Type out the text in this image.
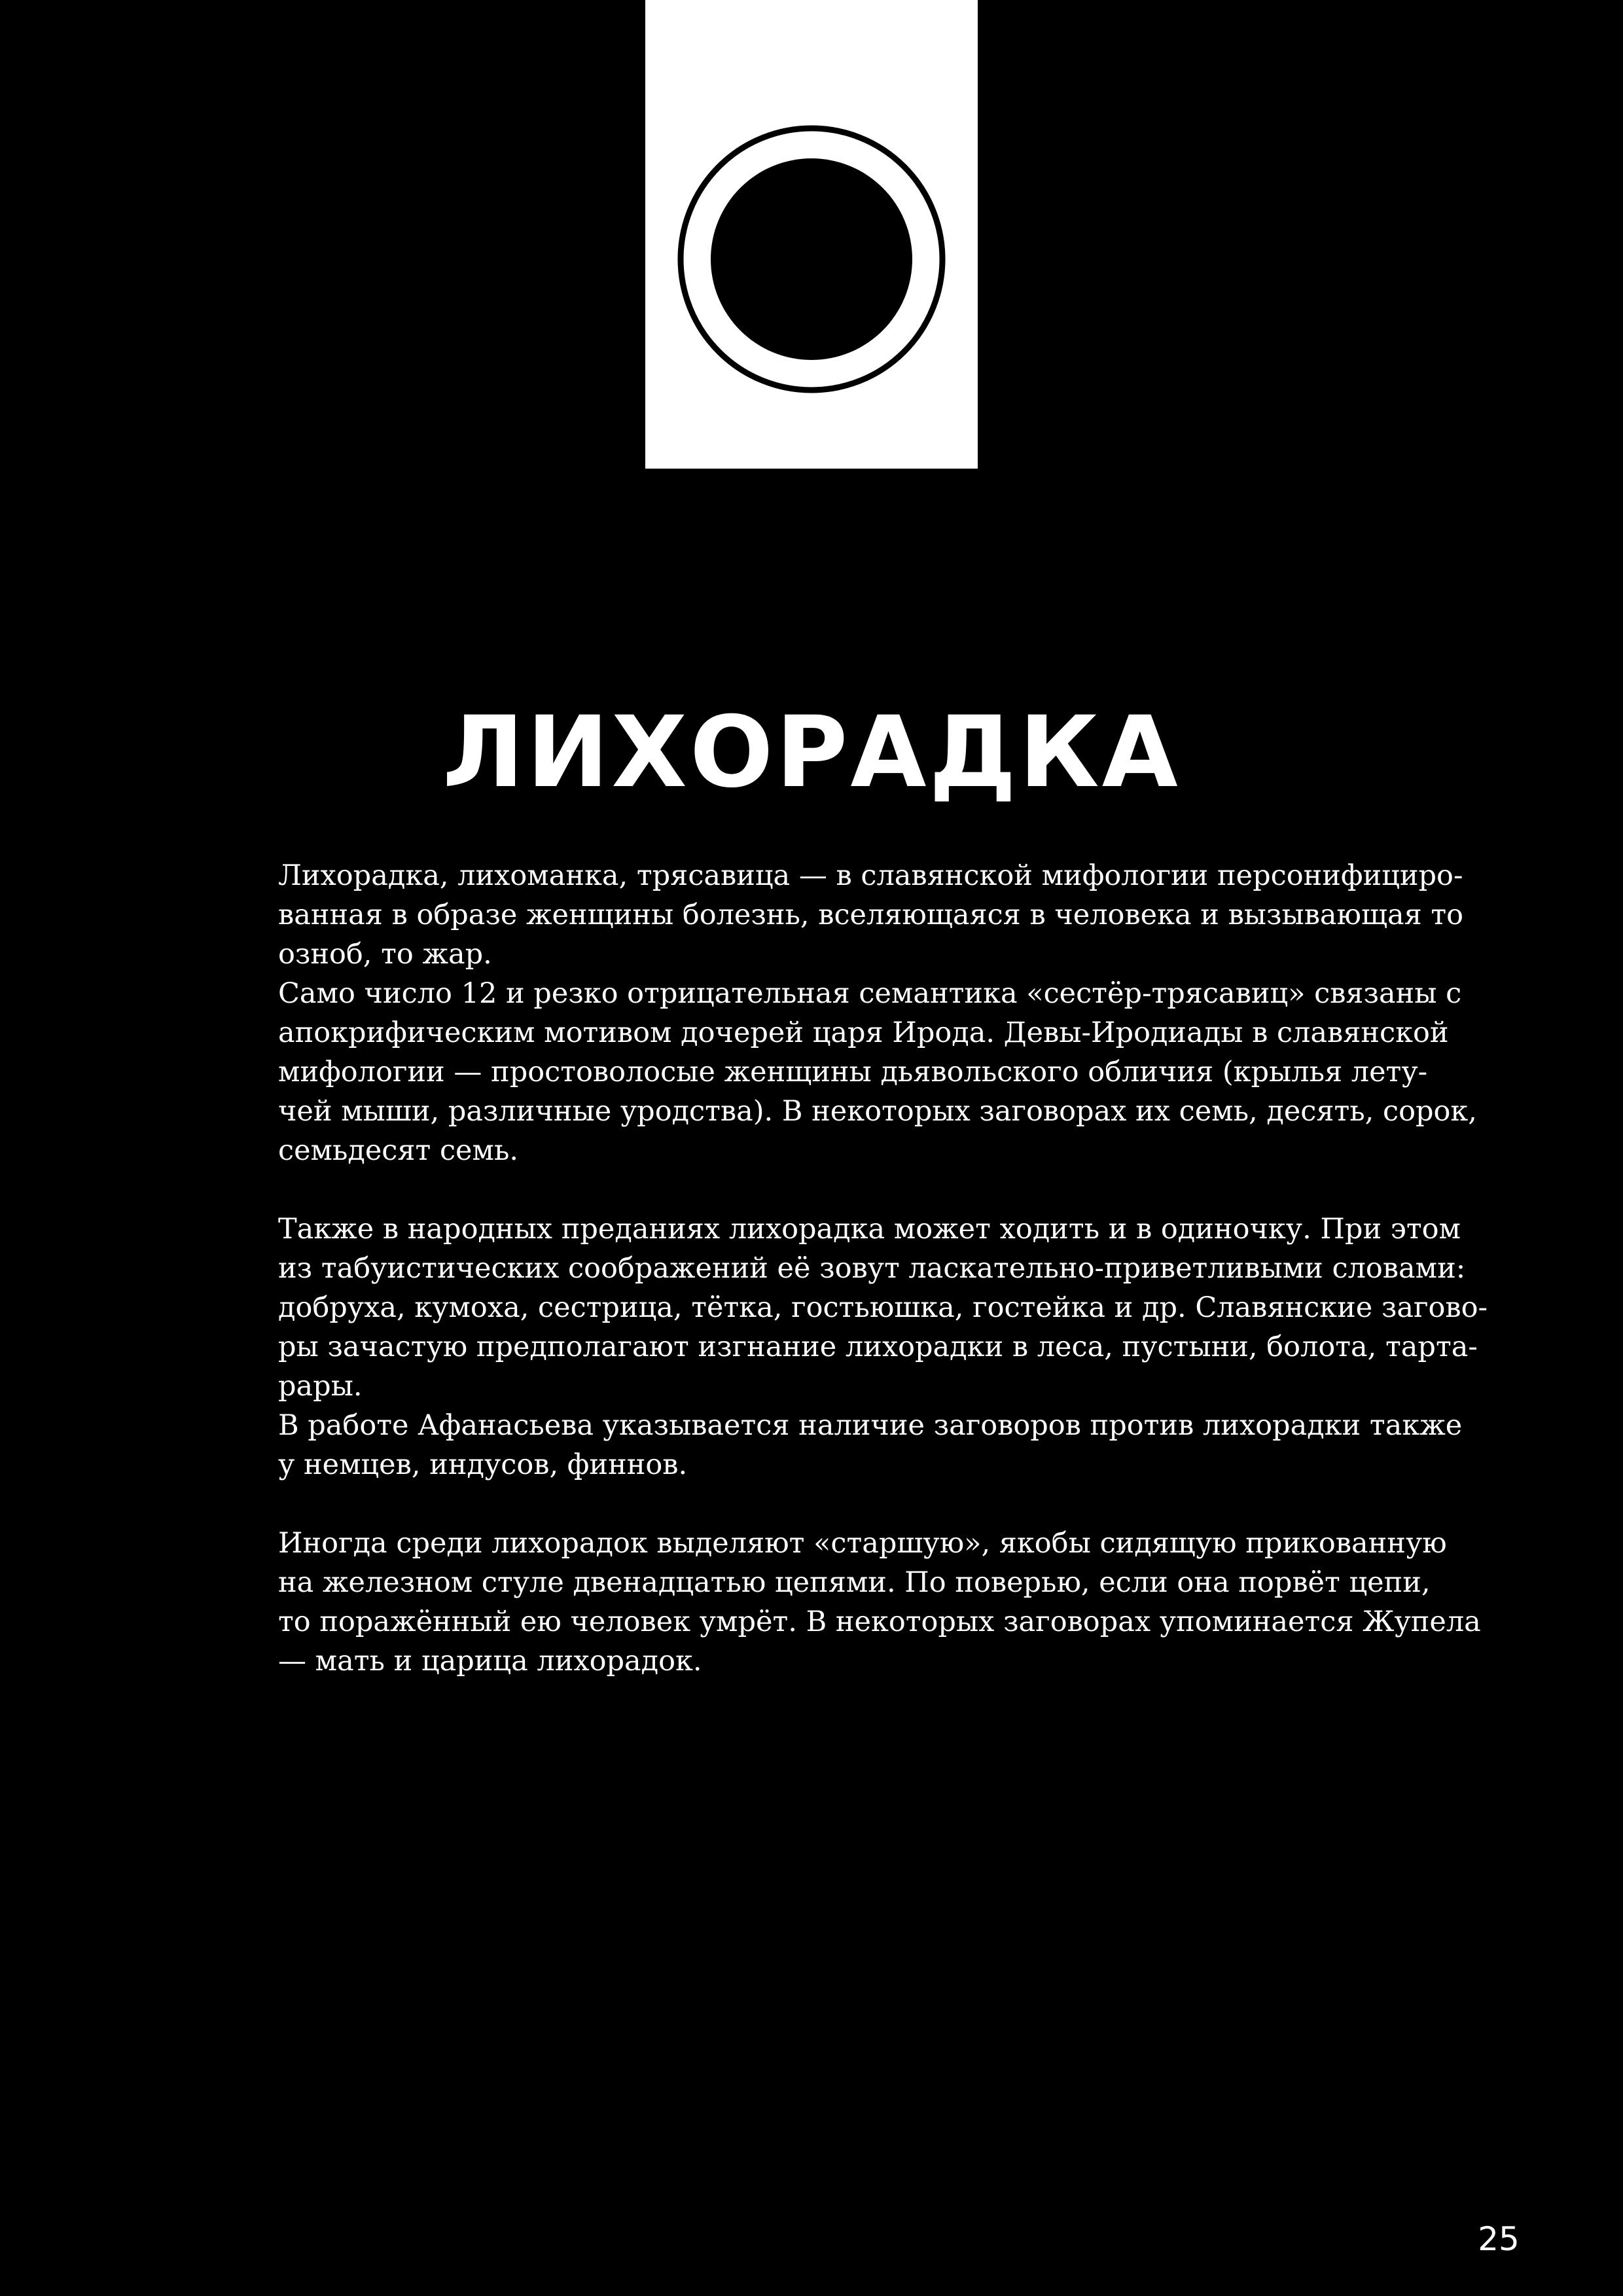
ЛИХОРАДКА
Лихорадка, лихоманка, трясавица — в славянской мифологии персонифициро-
ванная в образе женщины болезнь, вселяющаяся в человека и вызывающая то
озноб, то жар.
Само число 12 и резко отрицательная семантика «сестёр-трясавиц» связаны с
апокрифическим мотивом дочерей царя Ирода. Девы-Иродиады в славянской
мифологии — простоволосые женщины дьявольского обличия (крылья лету-
чей мыши, различные уродства). В некоторых заговорах их семь, десять, сорок,
семьдесят семь.
Также в народных преданиях лихорадка может ходить и в одиночку. При этом
из табуистических соображений её зовут ласкательно-приветливыми словами:
добруха, кумоха, сестрица, тётка, гостьюшка, гостейка и др. Славянские загово-
ры зачастую предполагают изгнание лихорадки в леса, пустыни, болота, тарта-
рары.
В работе Афанасьева указывается наличие заговоров против лихорадки также
у немцев, индусов, финнов.
Иногда среди лихорадок выделяют «старшую», якобы сидящую прикованную
на железном стуле двенадцатью цепями. По поверью, если она порвёт цепи,
то поражённый ею человек умрёт. В некоторых заговорах упоминается Жупела
— мать и царица лихорадок.
25
